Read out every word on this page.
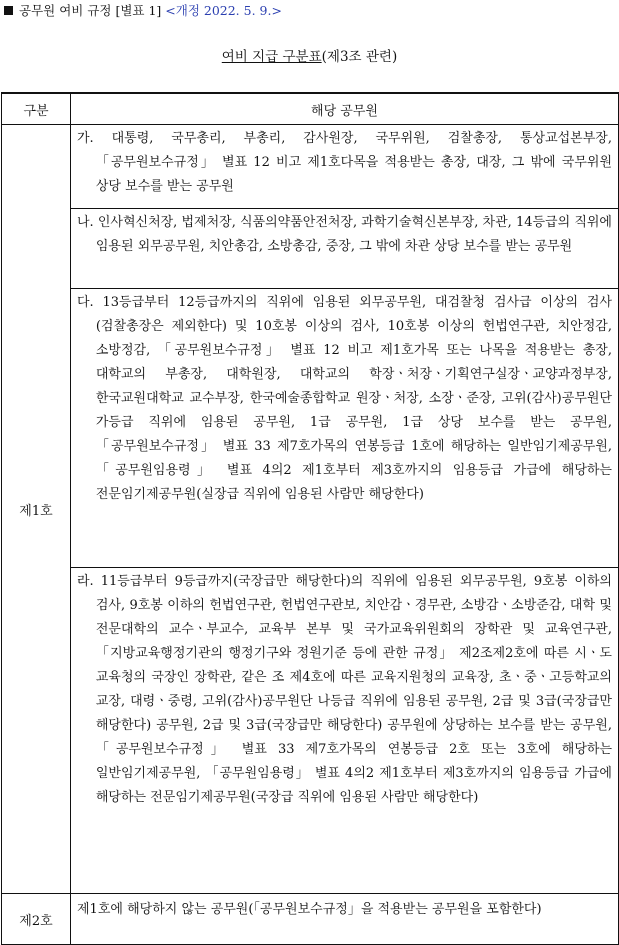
공무원 여비 규정 [별표 1] <개정 2022. 5. 9.>
여비 지급 구분표(제3조 관련)
구분	해당 공무원
제1호	가. 대통령, 국무총리, 부총리, 감사원장, 국무위원, 검찰총장, 통상교섭본부장, 「공무원보수규정」 별표 12 비고 제1호다목을 적용받는 총장, 대장, 그 밖에 국무위원 상당 보수를 받는 공무원

	나. 인사혁신처장, 법제처장, 식품의약품안전처장, 과학기술혁신본부장, 차관, 14등급의 직위에 임용된 외무공무원, 치안총감, 소방총감, 중장, 그 밖에 차관 상당 보수를 받는 공무원

	다. 13등급부터 12등급까지의 직위에 임용된 외무공무원, 대검찰청 검사급 이상의 검사(검찰총장은 제외한다) 및 10호봉 이상의 검사, 10호봉 이상의 헌법연구관, 치안정감, 소방정감, 「공무원보수규정」 별표 12 비고 제1호가목 또는 나목을 적용받는 총장, 대학교의 부총장, 대학원장, 대학교의 학장ㆍ처장ㆍ기획연구실장ㆍ교양과정부장, 한국교원대학교 교수부장, 한국예술종합학교 원장ㆍ처장, 소장ㆍ준장, 고위(감사)공무원단 가등급 직위에 임용된 공무원, 1급 공무원, 1급 상당 보수를 받는 공무원, 「공무원보수규정」 별표 33 제7호가목의 연봉등급 1호에 해당하는 일반임기제공무원, 「공무원임용령」 별표 4의2 제1호부터 제3호까지의 임용등급 가급에 해당하는 전문임기제공무원(실장급 직위에 임용된 사람만 해당한다)

	라. 11등급부터 9등급까지(국장급만 해당한다)의 직위에 임용된 외무공무원, 9호봉 이하의 검사, 9호봉 이하의 헌법연구관, 헌법연구관보, 치안감ㆍ경무관, 소방감ㆍ소방준감, 대학 및 전문대학의 교수ㆍ부교수, 교육부 본부 및 국가교육위원회의 장학관 및 교육연구관, 「지방교육행정기관의 행정기구와 정원기준 등에 관한 규정」 제2조제2호에 따른 시ㆍ도 교육청의 국장인 장학관, 같은 조 제4호에 따른 교육지원청의 교육장, 초ㆍ중ㆍ고등학교의 교장, 대령ㆍ중령, 고위(감사)공무원단 나등급 직위에 임용된 공무원, 2급 및 3급(국장급만 해당한다) 공무원, 2급 및 3급(국장급만 해당한다) 공무원에 상당하는 보수를 받는 공무원, 「공무원보수규정」 별표 33 제7호가목의 연봉등급 2호 또는 3호에 해당하는 일반임기제공무원, 「공무원임용령」 별표 4의2 제1호부터 제3호까지의 임용등급 가급에 해당하는 전문임기제공무원(국장급 직위에 임용된 사람만 해당한다)

제2호	제1호에 해당하지 않는 공무원(「공무원보수규정」을 적용받는 공무원을 포함한다)
